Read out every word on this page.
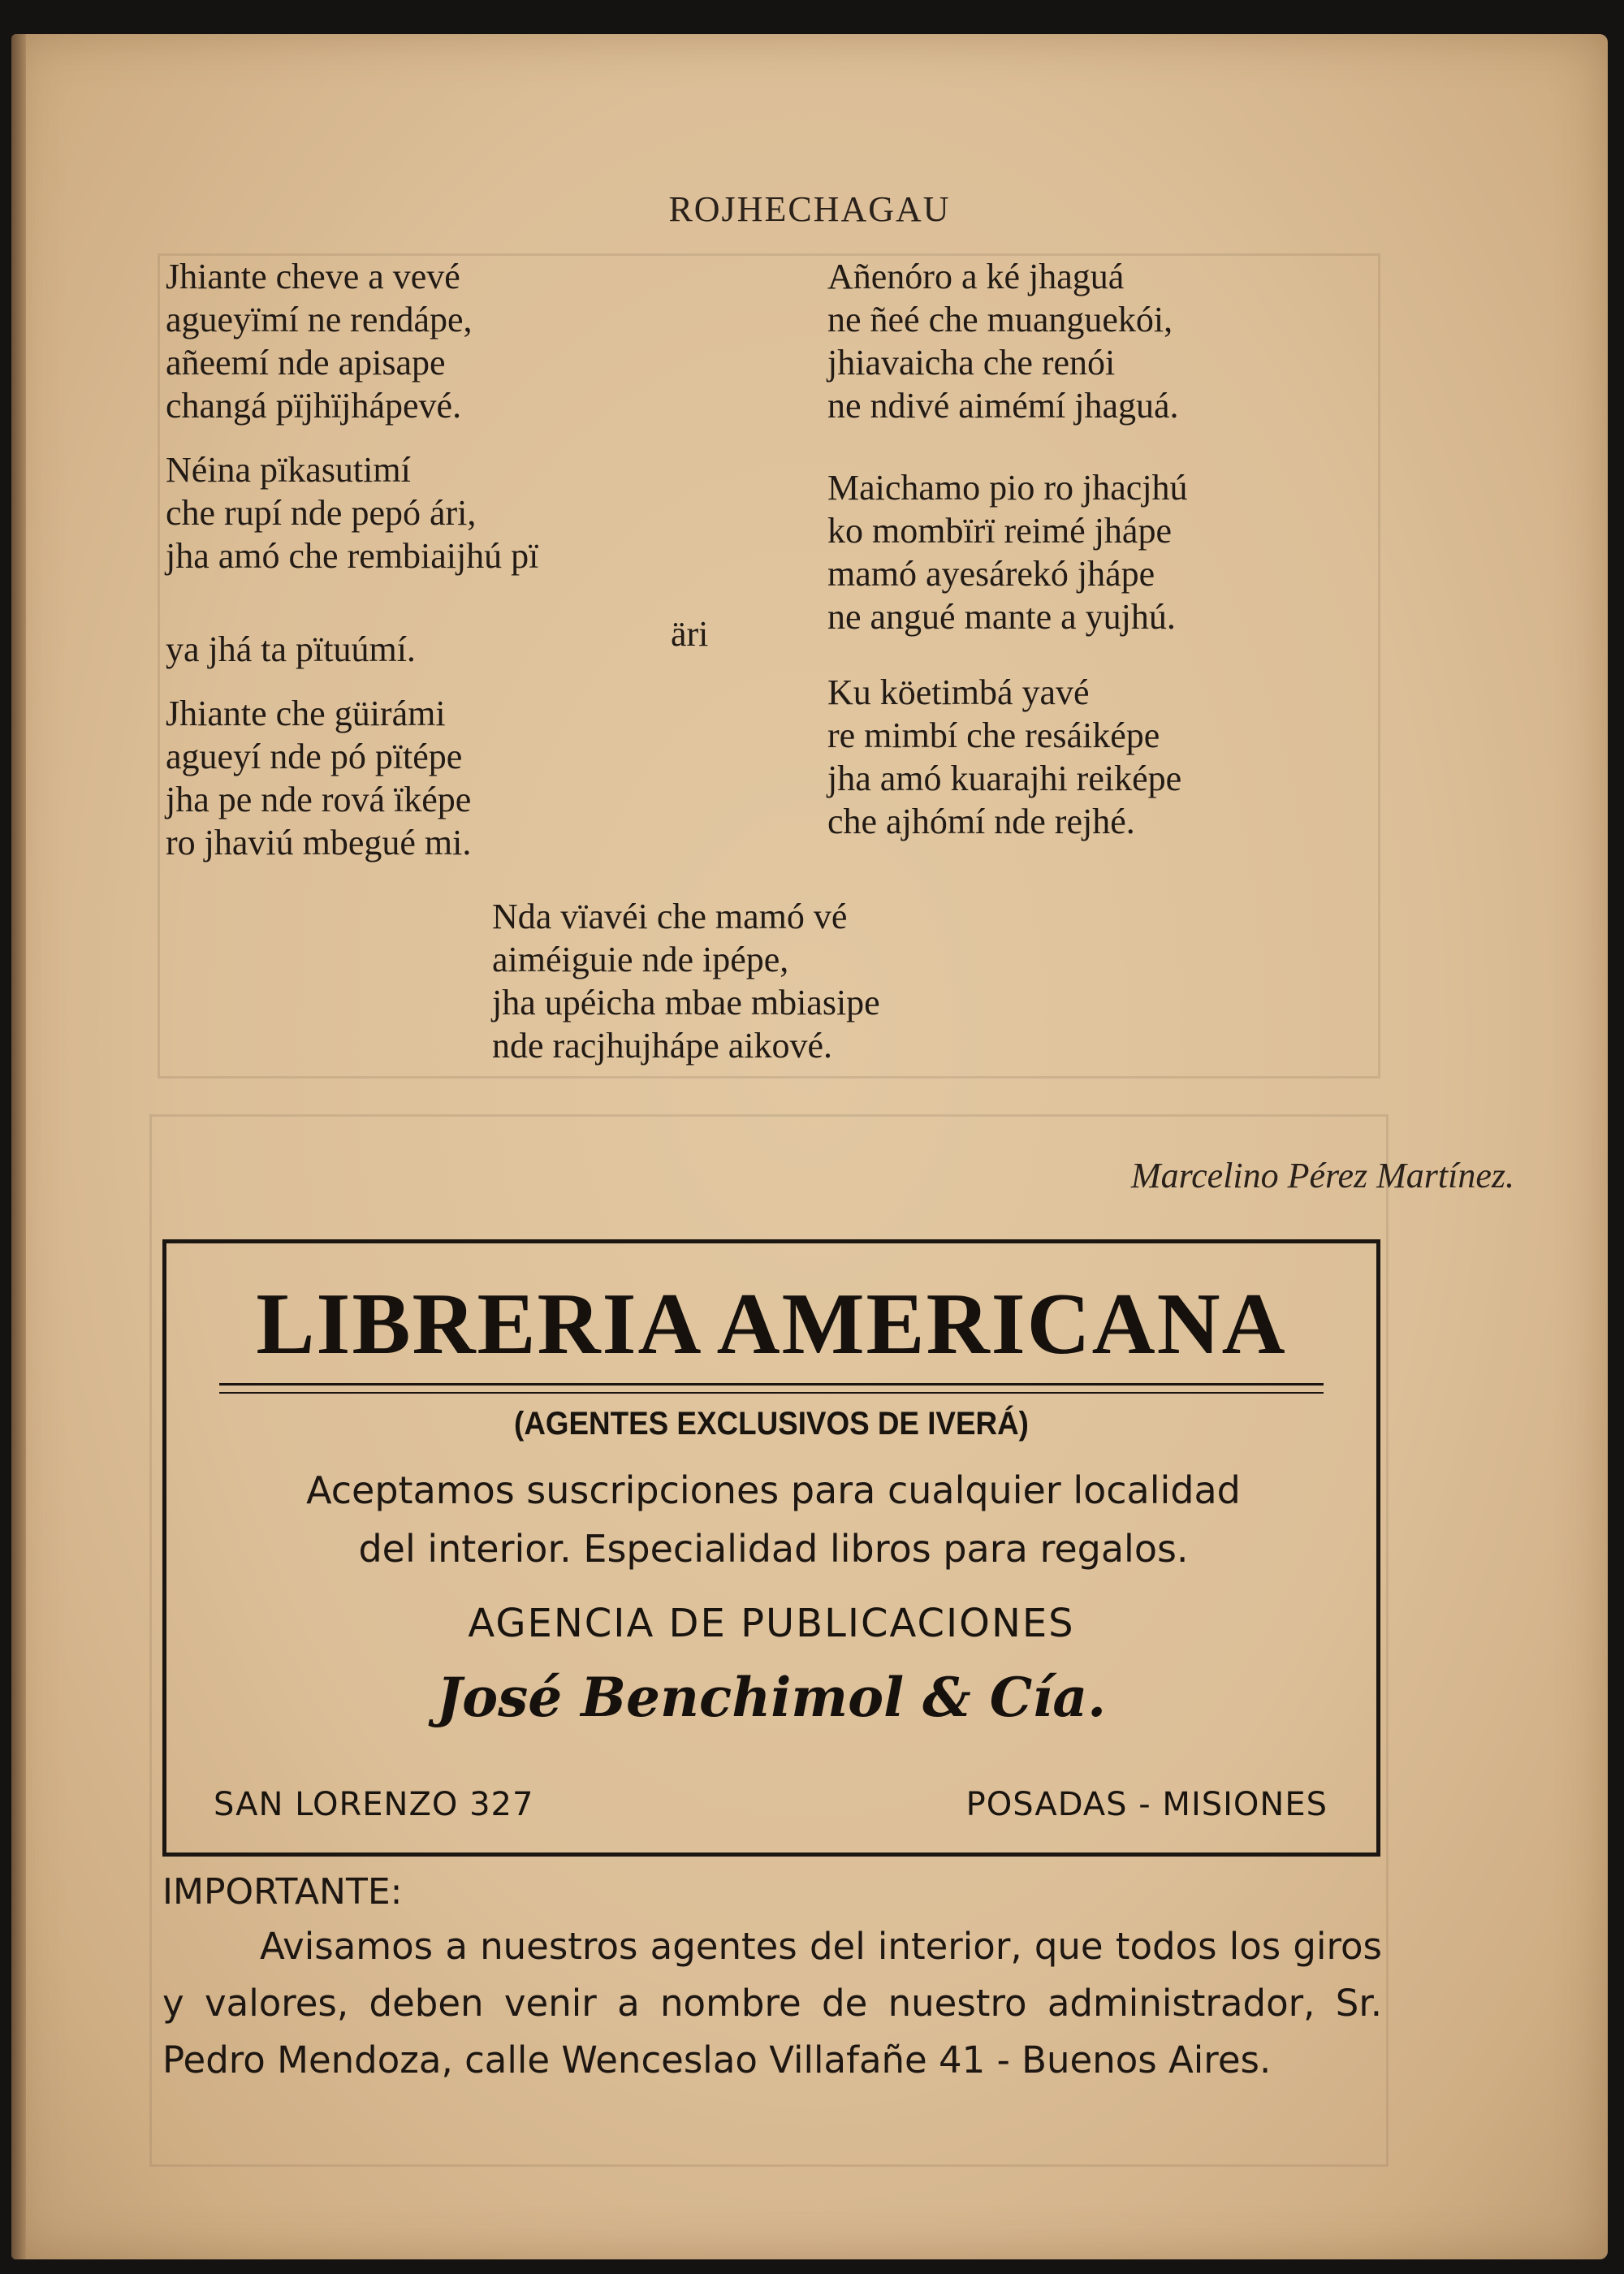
ROJHECHAGAU

Jhiante cheve a vevé

agueyïmí ne rendápe,

añeemí nde apisape

changá pïjhïjhápevé.

Néina pïkasutimí

che rupí nde pepó ári,

jha amó che rembiaijhú pï

ya jhá ta pïtuúmí.

Jhiante che güirámi

agueyí nde pó pïtépe

jha pe nde rová ïképe

ro jhaviú mbegué mi.

äri

Añenóro a ké jhaguá

ne ñeé che muanguekói,

jhiavaicha che renói

ne ndivé aimémí jhaguá.

Maichamo pio ro jhacjhú

ko mombïrï reimé jhápe

mamó ayesárekó jhápe

ne angué mante a yujhú.

Ku köetimbá yavé

re mimbí che resáiképe

jha amó kuarajhi reiképe

che ajhómí nde rejhé.

Nda vïavéi che mamó vé

aiméiguie nde ipépe,

jha upéicha mbae mbiasipe

nde racjhujhápe aikové.

Marcelino Pérez Martínez.
LIBRERIA AMERICANA
(AGENTES EXCLUSIVOS DE IVERÁ)
Aceptamos suscripciones para cualquier localidad
del interior. Especialidad libros para regalos.
AGENCIA DE PUBLICACIONES
José Benchimol & Cía.
SAN LORENZO 327	POSADAS - MISIONES
IMPORTANTE:
Avisamos a nuestros agentes del interior, que todos los giros y valores, deben venir a nombre de nuestro administrador, Sr. Pedro Mendoza, calle Wenceslao Villafañe 41 - Buenos Aires.
